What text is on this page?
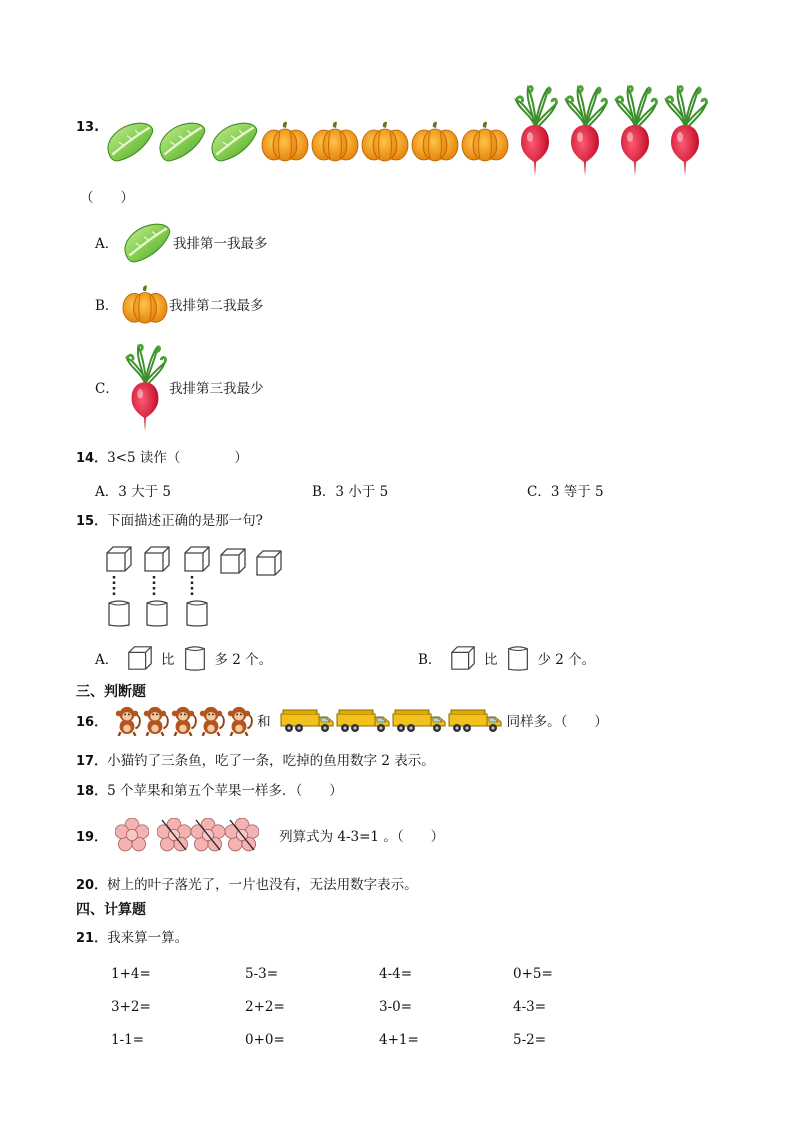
13.
（　　）
A．	我排第一我最多
B．	我排第二我最多
C．	我排第三我最少
14． 3<5 读作（　　　　）
A．3 大于 5	B．3 小于 5	C．3 等于 5
15． 下面描述正确的是那一句?
A．	比	多 2 个。	B．	比	少 2 个。
三、判断题
16．	和	同样多。（　　）
17． 小猫钓了三条鱼，吃了一条，吃掉的鱼用数字 2 表示。
18． 5 个苹果和第五个苹果一样多．（　　）
19．	列算式为 4-3=1 。（　　）
20． 树上的叶子落光了，一片也没有，无法用数字表示。
四、计算题
21． 我来算一算。
1+4=	5-3=	4-4=	0+5=
3+2=	2+2=	3-0=	4-3=
1-1=	0+0=	4+1=	5-2=
